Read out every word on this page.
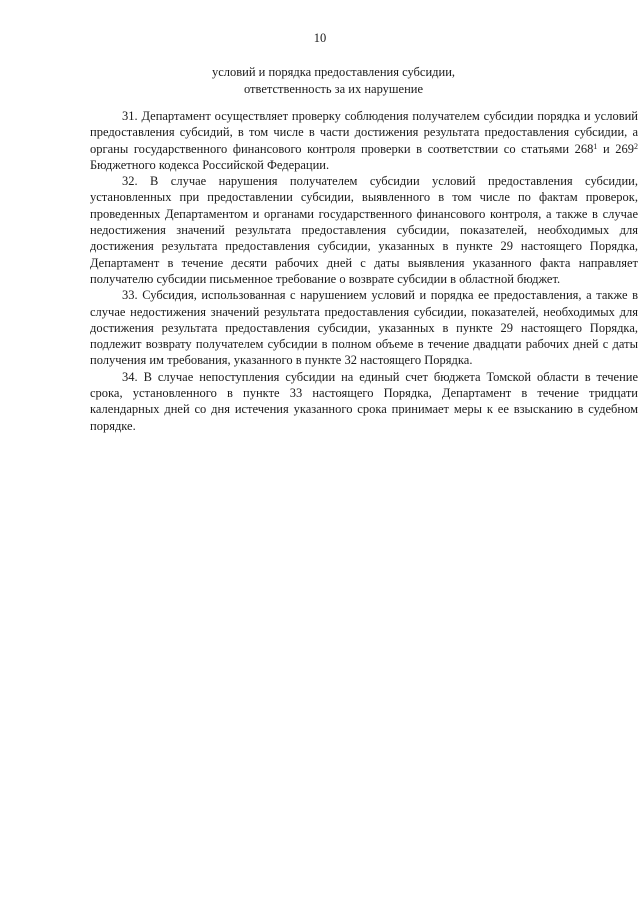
10
условий и порядка предоставления субсидии,
ответственность за их нарушение

31. Департамент осуществляет проверку соблюдения получателем субсидии порядка и условий предоставления субсидий, в том числе в части достижения результата предоставления субсидии, а органы государственного финансового контроля проверки в соответствии со статьями $268^1$ и $269^2$ Бюджетного кодекса Российской Федерации.

32. В случае нарушения получателем субсидии условий предоставления субсидии, установленных при предоставлении субсидии, выявленного в том числе по фактам проверок, проведенных Департаментом и органами государственного финансового контроля, а также в случае недостижения значений результата предоставления субсидии, показателей, необходимых для достижения результата предоставления субсидии, указанных в пункте 29 настоящего Порядка, Департамент в течение десяти рабочих дней с даты выявления указанного факта направляет получателю субсидии письменное требование о возврате субсидии в областной бюджет.

33. Субсидия, использованная с нарушением условий и порядка ее предоставления, а также в случае недостижения значений результата предоставления субсидии, показателей, необходимых для достижения результата предоставления субсидии, указанных в пункте 29 настоящего Порядка, подлежит возврату получателем субсидии в полном объеме в течение двадцати рабочих дней с даты получения им требования, указанного в пункте 32 настоящего Порядка.

34. В случае непоступления субсидии на единый счет бюджета Томской области в течение срока, установленного в пункте 33 настоящего Порядка, Департамент в течение тридцати календарных дней со дня истечения указанного срока принимает меры к ее взысканию в судебном порядке.
